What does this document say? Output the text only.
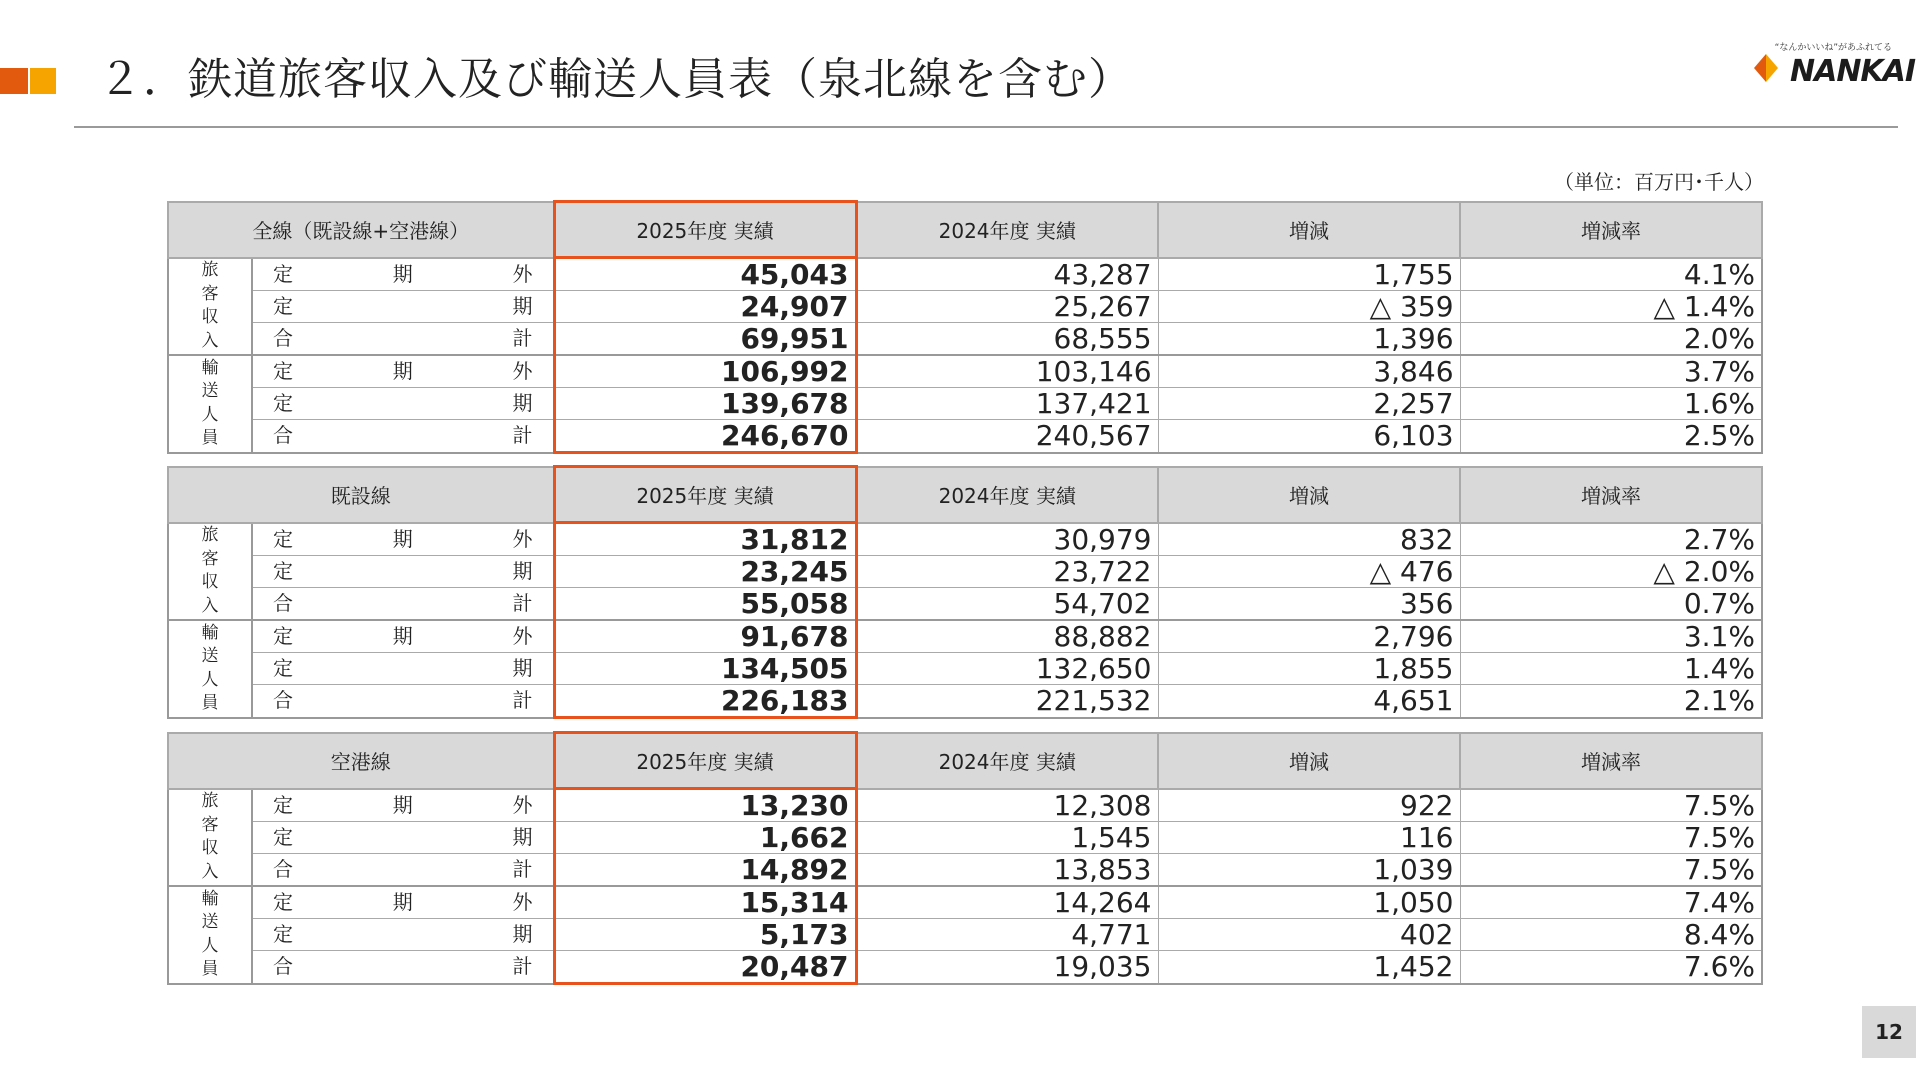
２．鉄道旅客収入及び輸送人員表（泉北線を含む）
“なんかいいね”があふれてる
NANKAI
（単位：百万円･千人）
全線（既設線+空港線）		2025年度 実績	2024年度 実績	増減	増減率

旅
客
収
入	定 期 外	45,043	43,287	1,755	4.1%

	定 期	24,907	25,267	△ 359	△ 1.4%

	合 計	69,951	68,555	1,396	2.0%

輸
送
人
員	定 期 外	106,992	103,146	3,846	3.7%

	定 期	139,678	137,421	2,257	1.6%

	合 計	246,670	240,567	6,103	2.5%
既設線		2025年度 実績	2024年度 実績	増減	増減率

旅
客
収
入	定 期 外	31,812	30,979	832	2.7%

	定 期	23,245	23,722	△ 476	△ 2.0%

	合 計	55,058	54,702	356	0.7%

輸
送
人
員	定 期 外	91,678	88,882	2,796	3.1%

	定 期	134,505	132,650	1,855	1.4%

	合 計	226,183	221,532	4,651	2.1%
空港線		2025年度 実績	2024年度 実績	増減	増減率

旅
客
収
入	定 期 外	13,230	12,308	922	7.5%

	定 期	1,662	1,545	116	7.5%

	合 計	14,892	13,853	1,039	7.5%

輸
送
人
員	定 期 外	15,314	14,264	1,050	7.4%

	定 期	5,173	4,771	402	8.4%

	合 計	20,487	19,035	1,452	7.6%
12
